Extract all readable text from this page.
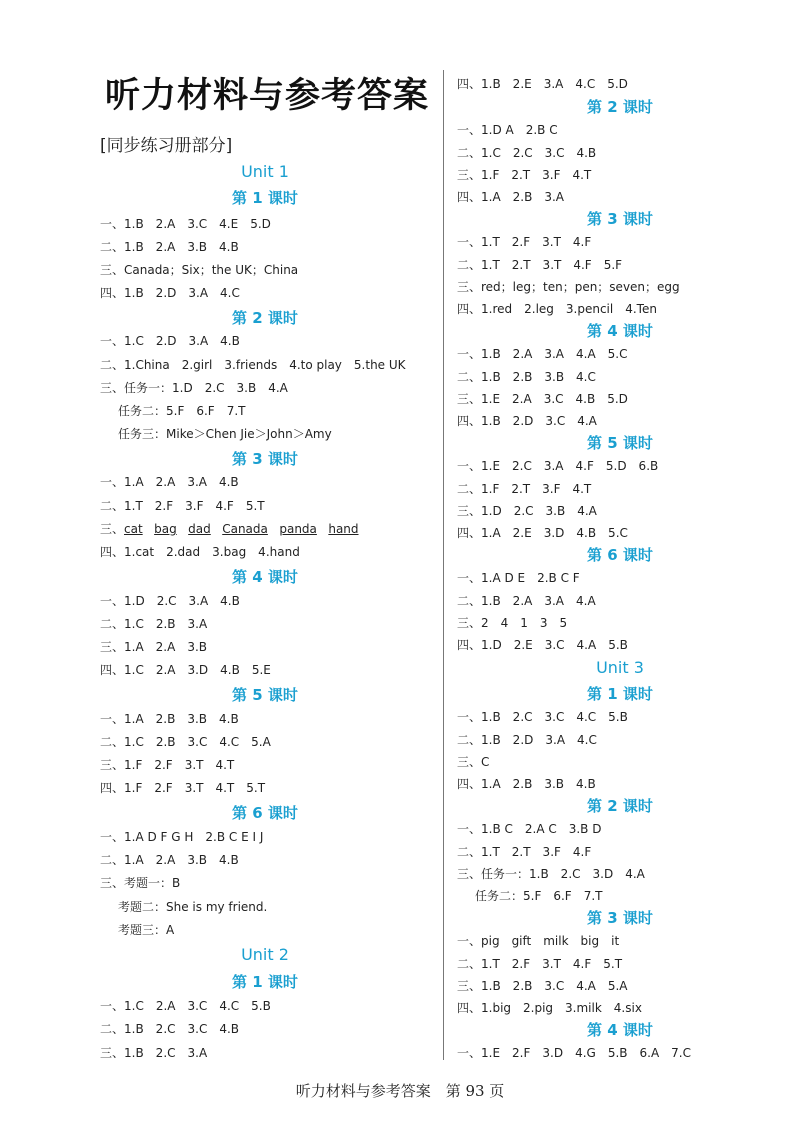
听力材料与参考答案
[同步练习册部分]
Unit 1
第 1 课时
一、1.B　2.A　3.C　4.E　5.D
二、1.B　2.A　3.B　4.B
三、Canada；Six；the UK；China
四、1.B　2.D　3.A　4.C
第 2 课时
一、1.C　2.D　3.A　4.B
二、1.China　2.girl　3.friends　4.to play　5.the UK
三、任务一：1.D　2.C　3.B　4.A
任务二：5.F　6.F　7.T
任务三：Mike＞Chen Jie＞John＞Amy
第 3 课时
一、1.A　2.A　3.A　4.B
二、1.T　2.F　3.F　4.F　5.T
三、cat bag dad Canada panda hand
四、1.cat　2.dad　3.bag　4.hand
第 4 课时
一、1.D　2.C　3.A　4.B
二、1.C　2.B　3.A
三、1.A　2.A　3.B
四、1.C　2.A　3.D　4.B　5.E
第 5 课时
一、1.A　2.B　3.B　4.B
二、1.C　2.B　3.C　4.C　5.A
三、1.F　2.F　3.T　4.T
四、1.F　2.F　3.T　4.T　5.T
第 6 课时
一、1.A D F G H　2.B C E I J
二、1.A　2.A　3.B　4.B
三、考题一：B
考题二：She is my friend.
考题三：A
Unit 2
第 1 课时
一、1.C　2.A　3.C　4.C　5.B
二、1.B　2.C　3.C　4.B
三、1.B　2.C　3.A
四、1.B　2.E　3.A　4.C　5.D
第 2 课时
一、1.D A　2.B C
二、1.C　2.C　3.C　4.B
三、1.F　2.T　3.F　4.T
四、1.A　2.B　3.A
第 3 课时
一、1.T　2.F　3.T　4.F
二、1.T　2.T　3.T　4.F　5.F
三、red；leg；ten；pen；seven；egg
四、1.red　2.leg　3.pencil　4.Ten
第 4 课时
一、1.B　2.A　3.A　4.A　5.C
二、1.B　2.B　3.B　4.C
三、1.E　2.A　3.C　4.B　5.D
四、1.B　2.D　3.C　4.A
第 5 课时
一、1.E　2.C　3.A　4.F　5.D　6.B
二、1.F　2.T　3.F　4.T
三、1.D　2.C　3.B　4.A
四、1.A　2.E　3.D　4.B　5.C
第 6 课时
一、1.A D E　2.B C F
二、1.B　2.A　3.A　4.A
三、2　4　1　3　5
四、1.D　2.E　3.C　4.A　5.B
Unit 3
第 1 课时
一、1.B　2.C　3.C　4.C　5.B
二、1.B　2.D　3.A　4.C
三、C
四、1.A　2.B　3.B　4.B
第 2 课时
一、1.B C　2.A C　3.B D
二、1.T　2.T　3.F　4.F
三、任务一：1.B　2.C　3.D　4.A
任务二：5.F　6.F　7.T
第 3 课时
一、pig　gift　milk　big　it
二、1.T　2.F　3.T　4.F　5.T
三、1.B　2.B　3.C　4.A　5.A
四、1.big　2.pig　3.milk　4.six
第 4 课时
一、1.E　2.F　3.D　4.G　5.B　6.A　7.C
听力材料与参考答案　第 93 页
